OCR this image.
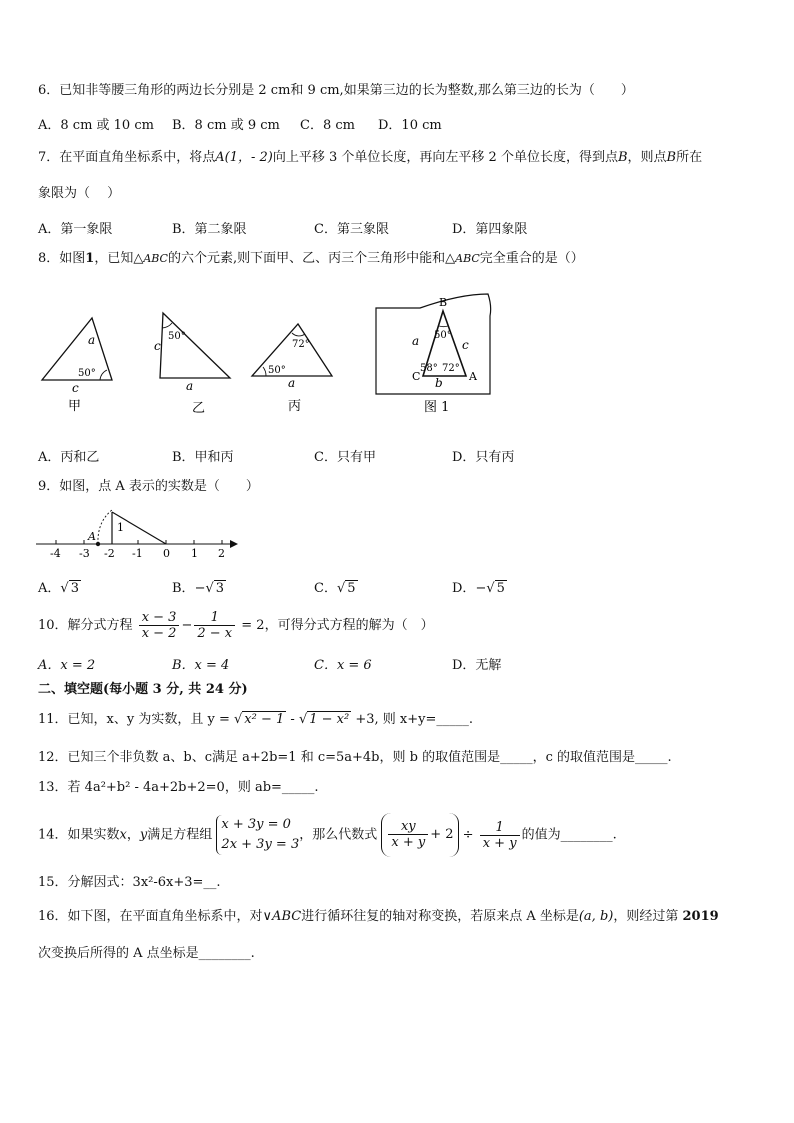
6．已知非等腰三角形的两边长分别是 2 cm和 9 cm,如果第三边的长为整数,那么第三边的长为（　　）
A．8 cm 或 10 cm B．8 cm 或 9 cm C．8 cm D．10 cm
7．在平面直角坐标系中，将点A(1，- 2)向上平移 3 个单位长度，再向左平移 2 个单位长度，得到点B，则点B所在
象限为（　 ）
A．第一象限	B．第二象限	C．第三象限	D．第四象限
8．如图1，已知△ABC的六个元素,则下面甲、乙、丙三个三角形中能和△ABC完全重合的是（）
a
c
50°
甲
50°
c
a
乙
72°
50°
a
丙
B
C	A
a	c
b
50°
58° 72°
图 1
A．丙和乙	B．甲和丙	C．只有甲	D．只有丙
9．如图，点 A 表示的实数是（　　）
1
A
-4 -3 -2 -1 0 1 2
A．√ 3	B．−√ 3	C．√ 5	D．−√ 5
10．解分式方程 $\frac{x - 3}{x - 2} - \frac{1}{2 - x} = 2$，可得分式方程的解为（　）
A．x = 2	B．x = 4	C．x = 6	D．无解
二、填空题(每小题 3 分, 共 24 分)
11．已知，x、y 为实数，且 y = √ x² − 1 - √ 1 − x² +3, 则 x+y=_____.
12．已知三个非负数 a、b、c满足 a+2b=1 和 c=5a+4b，则 b 的取值范围是_____，c 的取值范围是_____.
13．若 4a²+b² - 4a+2b+2=0，则 ab=_____.
14．如果实数x，y满足方程组
x + 3y = 0
2x + 3y = 3
，那么代数式 $\frac{xy}{x + y} + 2 \div \frac{1}{x + y}$ 的值为________.
15．分解因式：3x²-6x+3=__.
16．如下图，在平面直角坐标系中，对∨ABC进行循环往复的轴对称变换，若原来点 A 坐标是(a, b)，则经过第 2019
次变换后所得的 A 点坐标是________.
